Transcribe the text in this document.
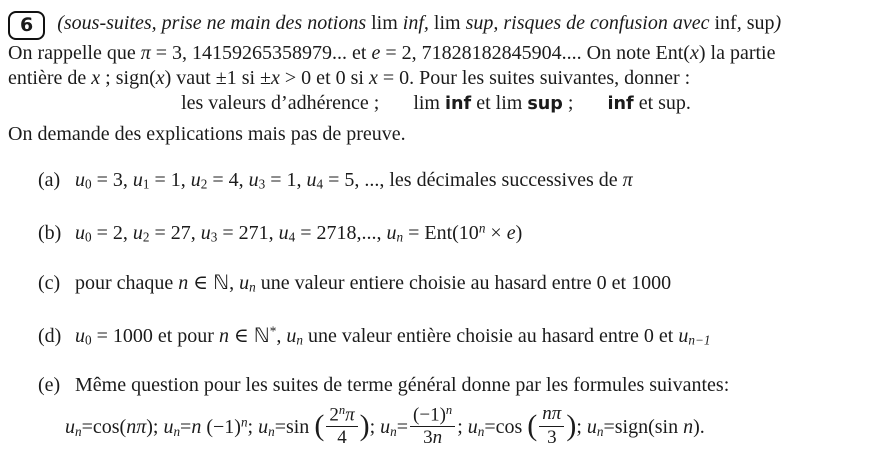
6 (sous-suites, prise ne main des notions lim inf, lim sup, risques de confusion avec inf, sup)
On rappelle que π = 3, 14159265358979... et e = 2, 71828182845904.... On note Ent(x) la partie
entière de x ; sign(x) vaut ±1 si ±x > 0 et 0 si x = 0. Pour les suites suivantes, donner :
les valeurs d’adhérence ; lim inf et lim sup ; inf et sup.
On demande des explications mais pas de preuve.
(a) u0 = 3, u1 = 1, u2 = 4, u3 = 1, u4 = 5, ..., les décimales successives de π
(b) u0 = 2, u2 = 27, u3 = 271, u4 = 2718,..., un = $Ent(10^n \times e)$
(c) pour chaque n ∈ ℕ, un une valeur entiere choisie au hasard entre 0 et 1000
(d) u0 = 1000 et pour n ∈ ℕ*, un une valeur entière choisie au hasard entre 0 et un−1
(e) Même question pour les suites de terme général donne par les formules suivantes:
un=cos(nπ); un=n $(-1)^n$; un=sin ( $\frac{2^n\pi}{4}$ ); $un= \frac{(-1)^n}{3n}$ ; un=cos ( $\frac{n\pi}{3}$ ); un=sign(sin n).
